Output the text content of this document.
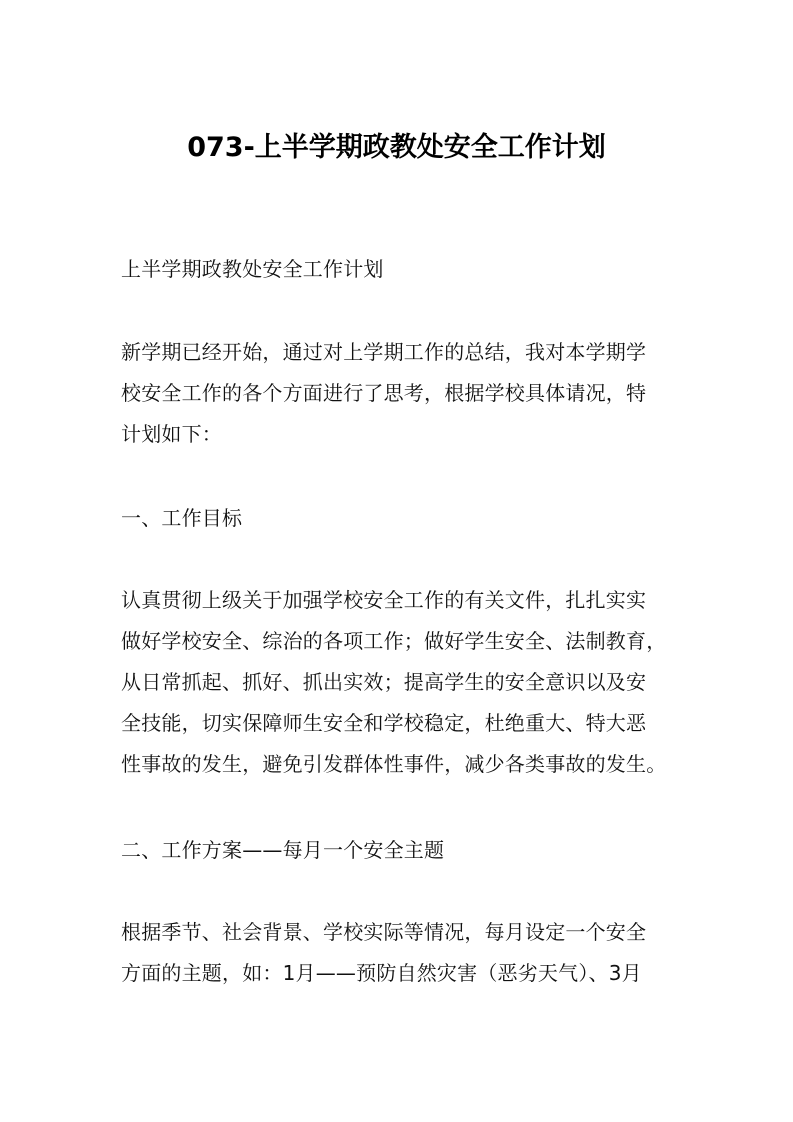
073-上半学期政教处安全工作计划

上半学期政教处安全工作计划

新学期已经开始，通过对上学期工作的总结，我对本学期学
校安全工作的各个方面进行了思考，根据学校具体请况，特
计划如下：

一、工作目标

认真贯彻上级关于加强学校安全工作的有关文件，扎扎实实
做好学校安全、综治的各项工作；做好学生安全、法制教育，
从日常抓起、抓好、抓出实效；提高学生的安全意识以及安
全技能，切实保障师生安全和学校稳定，杜绝重大、特大恶
性事故的发生，避免引发群体性事件，减少各类事故的发生。

二、工作方案——每月一个安全主题

根据季节、社会背景、学校实际等情况，每月设定一个安全
方面的主题，如：1月——预防自然灾害（恶劣天气）、3月
